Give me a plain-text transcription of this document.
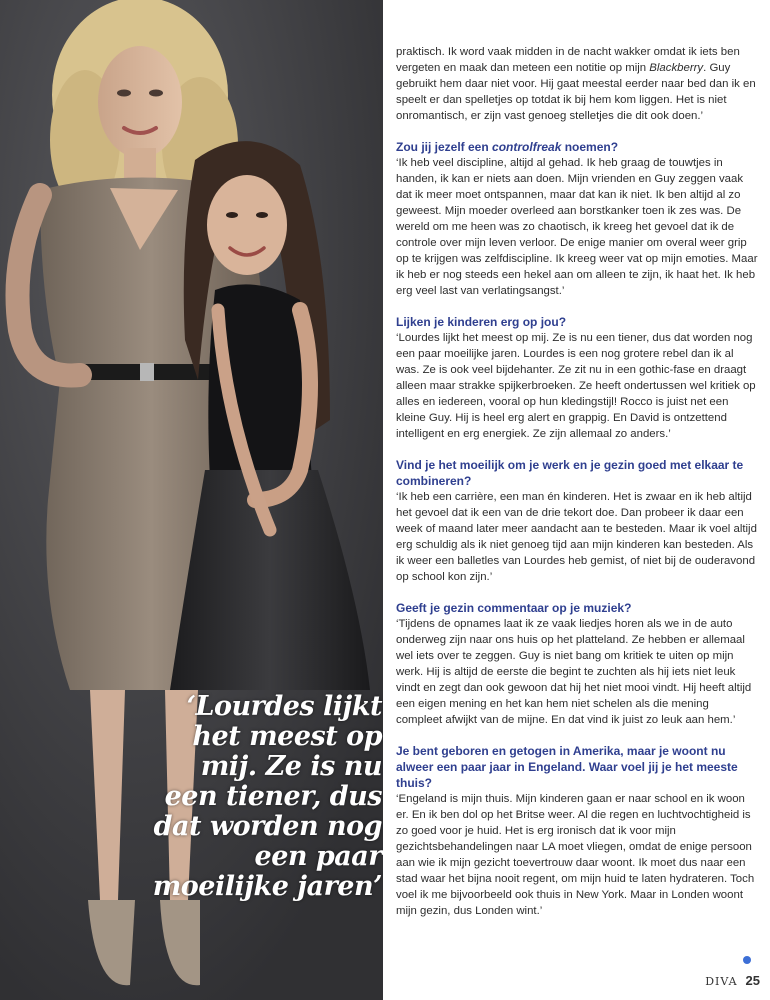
‘Lourdes lijkt het meest op mij. Ze is nu een tiener, dus dat worden nog een paar moeilijke jaren’

praktisch. Ik word vaak midden in de nacht wakker omdat ik iets ben vergeten en maak dan meteen een notitie op mijn Blackberry. Guy gebruikt hem daar niet voor. Hij gaat meestal eerder naar bed dan ik en speelt er dan spelletjes op totdat ik bij hem kom liggen. Het is niet onromantisch, er zijn vast genoeg stelletjes die dit ook doen.’

Zou jij jezelf een controlfreak noemen?

‘Ik heb veel discipline, altijd al gehad. Ik heb graag de touwtjes in handen, ik kan er niets aan doen. Mijn vrienden en Guy zeggen vaak dat ik meer moet ontspannen, maar dat kan ik niet. Ik ben altijd al zo geweest. Mijn moeder overleed aan borstkanker toen ik zes was. De wereld om me heen was zo chaotisch, ik kreeg het gevoel dat ik de controle over mijn leven verloor. De enige manier om overal weer grip op te krijgen was zelfdiscipline. Ik kreeg weer vat op mijn emoties. Maar ik heb er nog steeds een hekel aan om alleen te zijn, ik haat het. Ik heb erg veel last van verlatingsangst.’

Lijken je kinderen erg op jou?

‘Lourdes lijkt het meest op mij. Ze is nu een tiener, dus dat worden nog een paar moeilijke jaren. Lourdes is een nog grotere rebel dan ik al was. Ze is ook veel bijdehanter. Ze zit nu in een gothic-fase en draagt alleen maar strakke spijkerbroeken. Ze heeft ondertussen wel kritiek op alles en iedereen, vooral op hun kledingstijl! Rocco is juist net een kleine Guy. Hij is heel erg alert en grappig. En David is ontzettend intelligent en erg energiek. Ze zijn allemaal zo anders.’

Vind je het moeilijk om je werk en je gezin goed met elkaar te combineren?

‘Ik heb een carrière, een man én kinderen. Het is zwaar en ik heb altijd het gevoel dat ik een van de drie tekort doe. Dan probeer ik daar een week of maand later meer aandacht aan te besteden. Maar ik voel altijd erg schuldig als ik niet genoeg tijd aan mijn kinderen kan besteden. Als ik weer een balletles van Lourdes heb gemist, of niet bij de ouderavond op school kon zijn.’

Geeft je gezin commentaar op je muziek?

‘Tijdens de opnames laat ik ze vaak liedjes horen als we in de auto onderweg zijn naar ons huis op het platteland. Ze hebben er allemaal wel iets over te zeggen. Guy is niet bang om kritiek te uiten op mijn werk. Hij is altijd de eerste die begint te zuchten als hij iets niet leuk vindt en zegt dan ook gewoon dat hij het niet mooi vindt. Hij heeft altijd een eigen mening en het kan hem niet schelen als die mening compleet afwijkt van de mijne. En dat vind ik juist zo leuk aan hem.’

Je bent geboren en getogen in Amerika, maar je woont nu alweer een paar jaar in Engeland. Waar voel jij je het meeste thuis?

‘Engeland is mijn thuis. Mijn kinderen gaan er naar school en ik woon er. En ik ben dol op het Britse weer. Al die regen en luchtvochtigheid is zo goed voor je huid. Het is erg ironisch dat ik voor mijn gezichtsbehandelingen naar LA moet vliegen, omdat de enige persoon aan wie ik mijn gezicht toevertrouw daar woont. Ik moet dus naar een stad waar het bijna nooit regent, om mijn huid te laten hydrateren. Toch voel ik me bijvoorbeeld ook thuis in New York. Maar in Londen woont mijn gezin, dus Londen wint.’

DIVA 25
